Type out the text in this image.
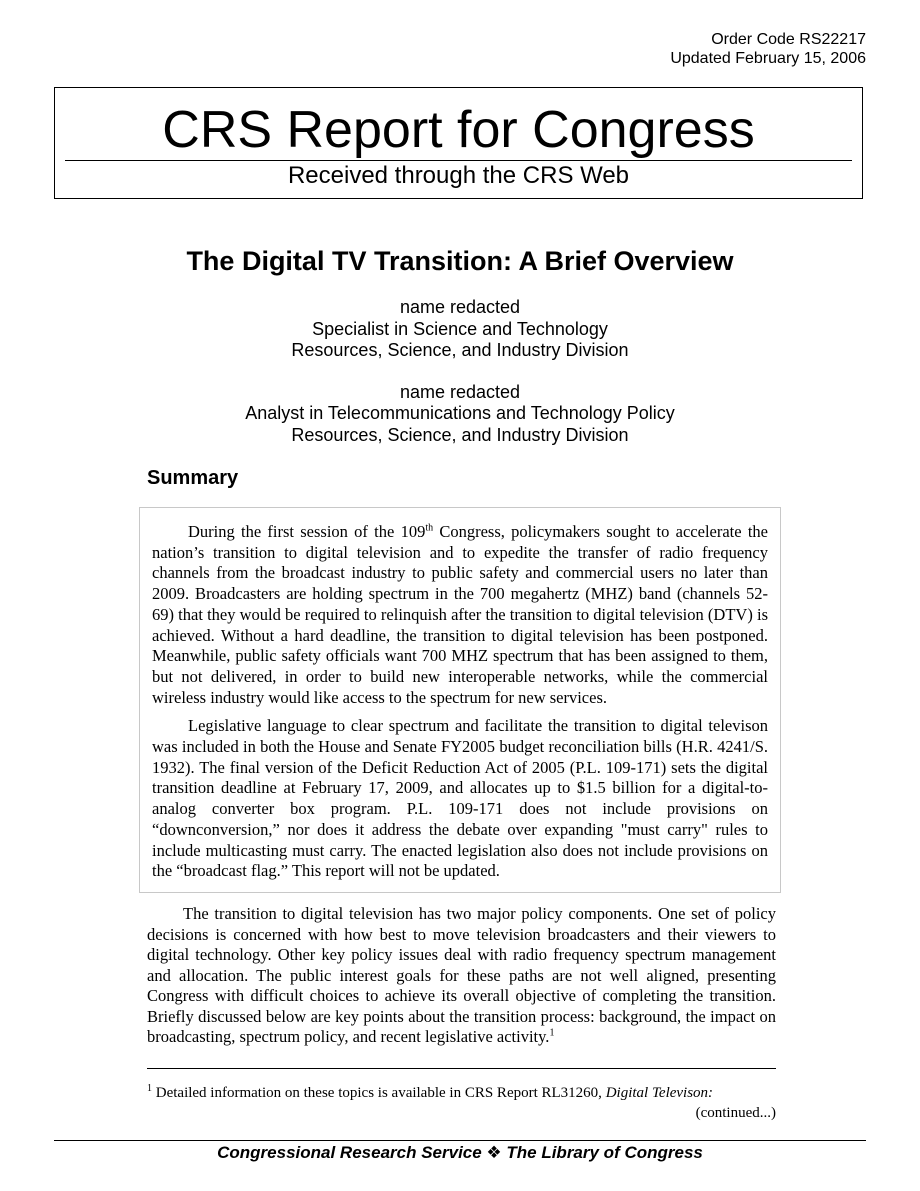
Order Code RS22217
Updated February 15, 2006
CRS Report for Congress
Received through the CRS Web
The Digital TV Transition: A Brief Overview
name redacted
Specialist in Science and Technology
Resources, Science, and Industry Division
name redacted
Analyst in Telecommunications and Technology Policy
Resources, Science, and Industry Division
Summary

During the first session of the 109th Congress, policymakers sought to accelerate the nation’s transition to digital television and to expedite the transfer of radio frequency channels from the broadcast industry to public safety and commercial users no later than 2009. Broadcasters are holding spectrum in the 700 megahertz (MHZ) band (channels 52-69) that they would be required to relinquish after the transition to digital television (DTV) is achieved. Without a hard deadline, the transition to digital television has been postponed. Meanwhile, public safety officials want 700 MHZ spectrum that has been assigned to them, but not delivered, in order to build new interoperable networks, while the commercial wireless industry would like access to the spectrum for new services.

Legislative language to clear spectrum and facilitate the transition to digital televison was included in both the House and Senate FY2005 budget reconciliation bills (H.R. 4241/S. 1932). The final version of the Deficit Reduction Act of 2005 (P.L. 109-171) sets the digital transition deadline at February 17, 2009, and allocates up to $1.5 billion for a digital-to-analog converter box program. P.L. 109-171 does not include provisions on “downconversion,” nor does it address the debate over expanding "must carry" rules to include multicasting must carry. The enacted legislation also does not include provisions on the “broadcast flag.” This report will not be updated.

The transition to digital television has two major policy components. One set of policy decisions is concerned with how best to move television broadcasters and their viewers to digital technology. Other key policy issues deal with radio frequency spectrum management and allocation. The public interest goals for these paths are not well aligned, presenting Congress with difficult choices to achieve its overall objective of completing the transition. Briefly discussed below are key points about the transition process: background, the impact on broadcasting, spectrum policy, and recent legislative activity.$^1$

$^1$ Detailed information on these topics is available in CRS Report RL31260, Digital Televison:
(continued...)
Congressional Research Service ❖ The Library of Congress
